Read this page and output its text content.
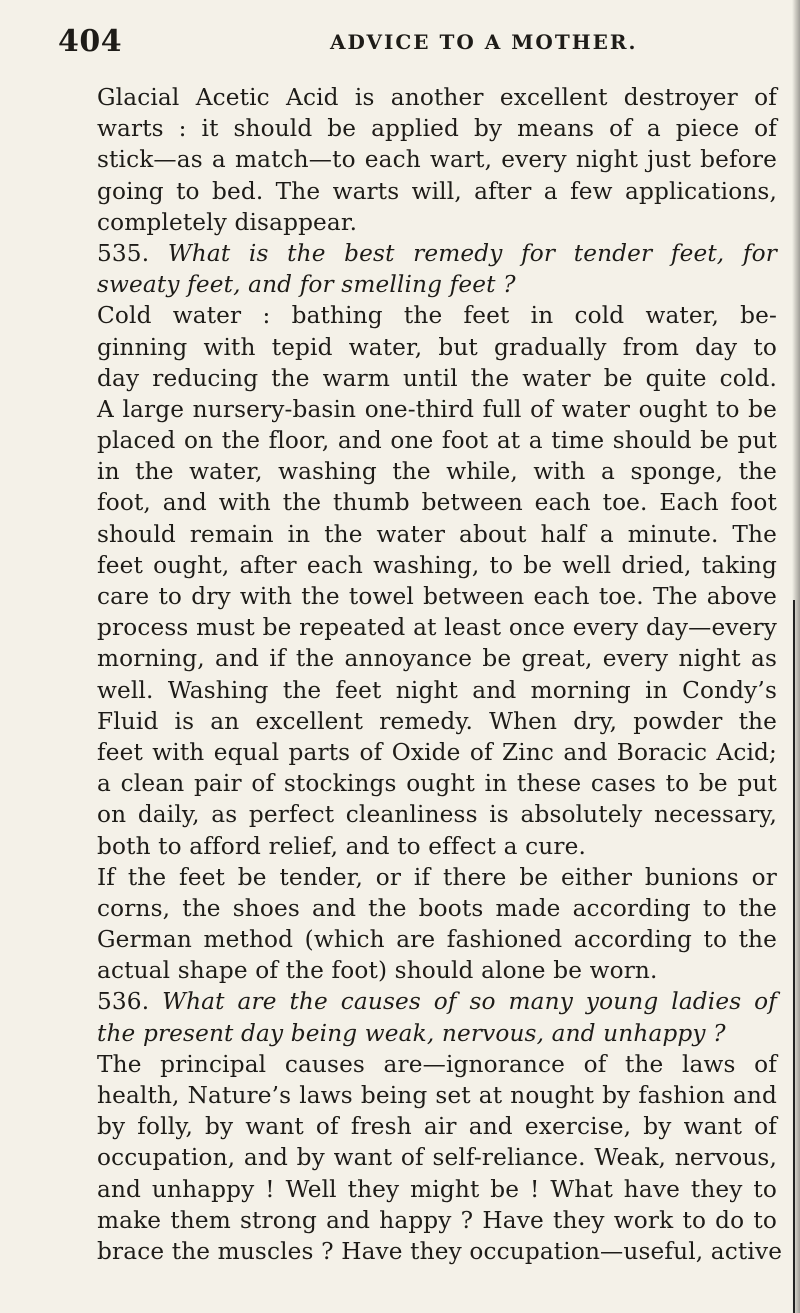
404	ADVICE TO A MOTHER.
Glacial Acetic Acid is another excellent destroyer of
warts : it should be applied by means of a piece of
stick—as a match—to each wart, every night just before
going to bed. The warts will, after a few applications,
completely disappear.
535. What is the best remedy for tender feet, for
sweaty feet, and for smelling feet ?
Cold water : bathing the feet in cold water, be-
ginning with tepid water, but gradually from day to
day reducing the warm until the water be quite cold.
A large nursery-basin one-third full of water ought to be
placed on the floor, and one foot at a time should be put
in the water, washing the while, with a sponge, the
foot, and with the thumb between each toe. Each foot
should remain in the water about half a minute. The
feet ought, after each washing, to be well dried, taking
care to dry with the towel between each toe. The above
process must be repeated at least once every day—every
morning, and if the annoyance be great, every night as
well. Washing the feet night and morning in Condy’s
Fluid is an excellent remedy. When dry, powder the
feet with equal parts of Oxide of Zinc and Boracic Acid;
a clean pair of stockings ought in these cases to be put
on daily, as perfect cleanliness is absolutely necessary,
both to afford relief, and to effect a cure.
If the feet be tender, or if there be either bunions or
corns, the shoes and the boots made according to the
German method (which are fashioned according to the
actual shape of the foot) should alone be worn.
536. What are the causes of so many young ladies of
the present day being weak, nervous, and unhappy ?
The principal causes are—ignorance of the laws of
health, Nature’s laws being set at nought by fashion and
by folly, by want of fresh air and exercise, by want of
occupation, and by want of self-reliance. Weak, nervous,
and unhappy ! Well they might be ! What have they to
make them strong and happy ? Have they work to do to
brace the muscles ? Have they occupation—useful, active
